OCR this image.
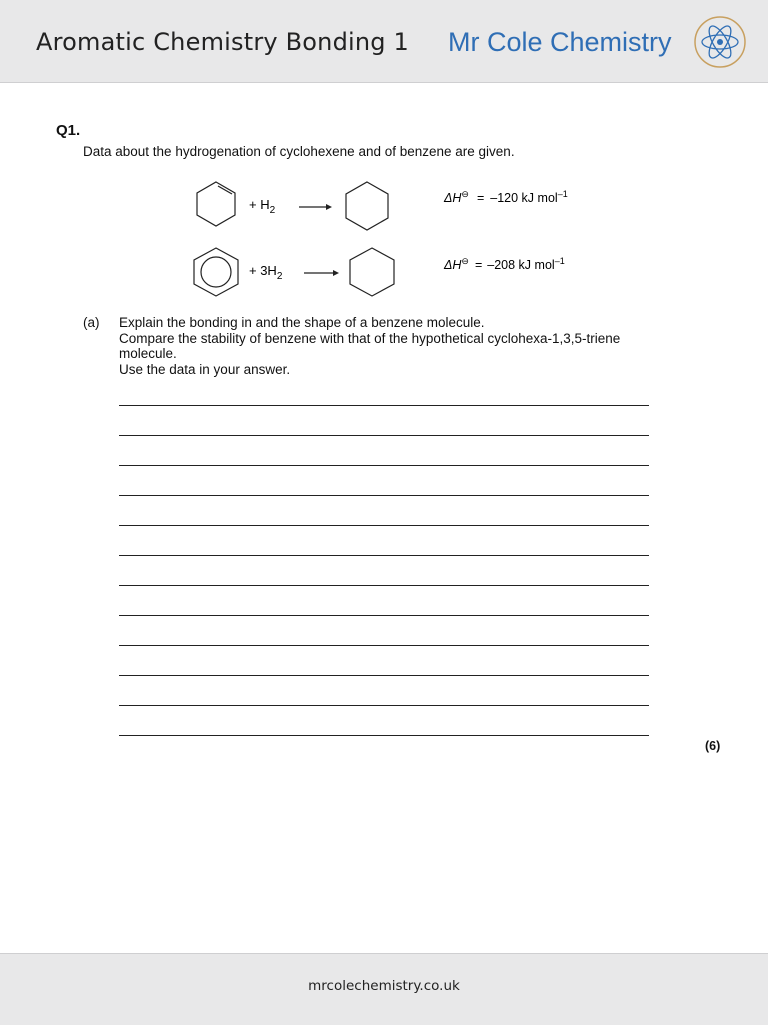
Aromatic Chemistry Bonding 1 Mr Cole Chemistry
Q1.
Data about the hydrogenation of cyclohexene and of benzene are given.
+ $H_2$
ΔH⊖ = –120 kJ mol$^{-1}$
+ $3H_2$
ΔH⊖ = –208 kJ mol$^{-1}$
(a) Explain the bonding in and the shape of a benzene molecule.
Compare the stability of benzene with that of the hypothetical cyclohexa-1,3,5-triene
molecule.
Use the data in your answer.
(6)
mrcolechemistry.co.uk
